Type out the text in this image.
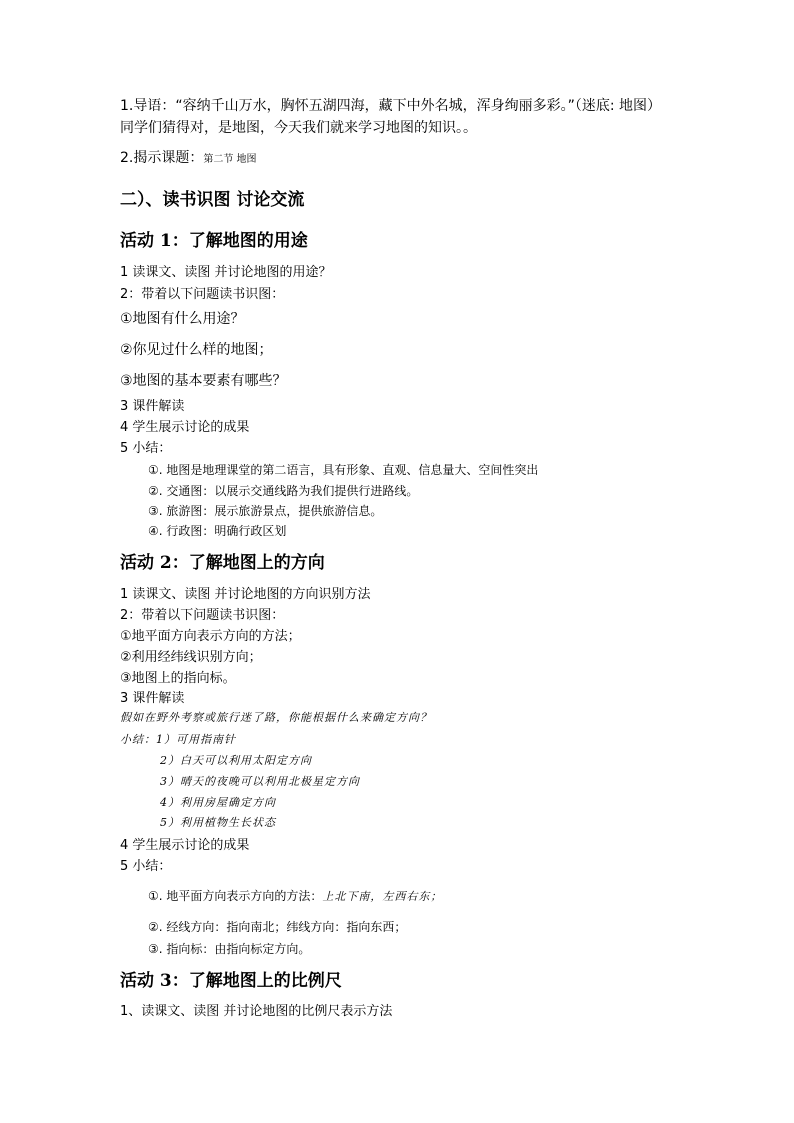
1.导语：“容纳千山万水，胸怀五湖四海，藏下中外名城，浑身绚丽多彩。”（迷底: 地图）
同学们猜得对，是地图，今天我们就来学习地图的知识。。
2.揭示课题：第二节 地图
二）、读书识图 讨论交流
活动 1：了解地图的用途
1 读课文、读图 并讨论地图的用途？
2：带着以下问题读书识图：
①地图有什么用途？
②你见过什么样的地图；
③地图的基本要素有哪些？
3 课件解读
4 学生展示讨论的成果
5 小结：
①. 地图是地理课堂的第二语言，具有形象、直观、信息量大、空间性突出
②. 交通图：以展示交通线路为我们提供行进路线。
③. 旅游图：展示旅游景点，提供旅游信息。
④. 行政图：明确行政区划
活动 2：了解地图上的方向
1 读课文、读图 并讨论地图的方向识别方法
2：带着以下问题读书识图：
①地平面方向表示方向的方法；
②利用经纬线识别方向；
③地图上的指向标。
3 课件解读
假如在野外考察或旅行迷了路，你能根据什么来确定方向？
小结：1）可用指南针
2）白天可以利用太阳定方向
3）晴天的夜晚可以利用北极星定方向
4）利用房屋确定方向
5）利用植物生长状态
4 学生展示讨论的成果
5 小结：
①. 地平面方向表示方向的方法：上北下南，左西右东；
②. 经线方向：指向南北；纬线方向：指向东西；
③. 指向标：由指向标定方向。
活动 3：了解地图上的比例尺
1、读课文、读图 并讨论地图的比例尺表示方法
